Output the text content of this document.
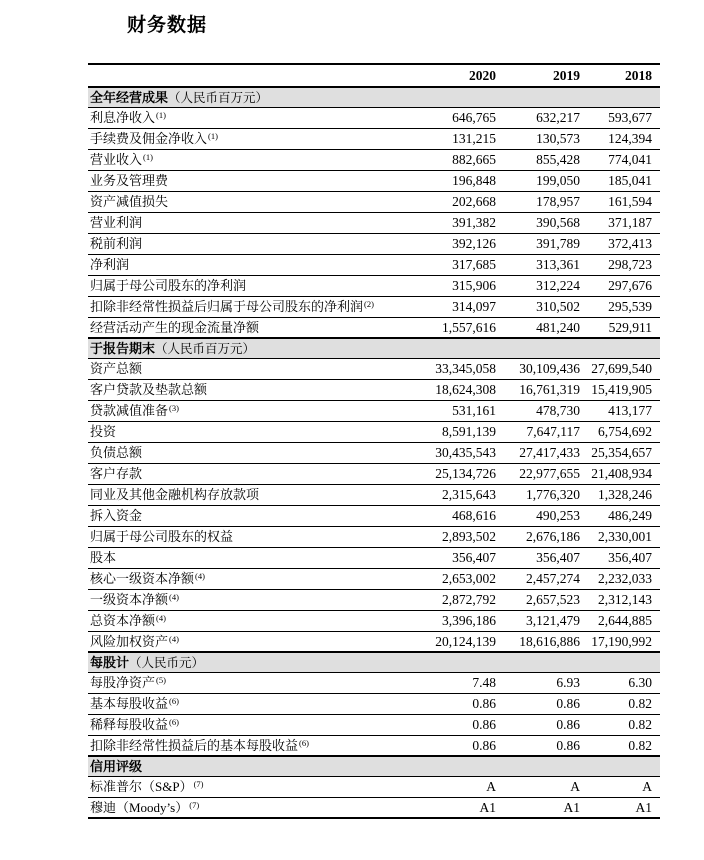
财务数据
	2020	2019	2018
全年经营成果（人民币百万元）			
利息净收入$^{(1)}$	646,765	632,217	593,677
手续费及佣金净收入$^{(1)}$	131,215	130,573	124,394
营业收入$^{(1)}$	882,665	855,428	774,041
业务及管理费	196,848	199,050	185,041
资产减值损失	202,668	178,957	161,594
营业利润	391,382	390,568	371,187
税前利润	392,126	391,789	372,413
净利润	317,685	313,361	298,723
归属于母公司股东的净利润	315,906	312,224	297,676
扣除非经常性损益后归属于母公司股东的净利润$^{(2)}$	314,097	310,502	295,539
经营活动产生的现金流量净额	1,557,616	481,240	529,911
于报告期末（人民币百万元）			
资产总额	33,345,058	30,109,436	27,699,540
客户贷款及垫款总额	18,624,308	16,761,319	15,419,905
贷款减值准备$^{(3)}$	531,161	478,730	413,177
投资	8,591,139	7,647,117	6,754,692
负债总额	30,435,543	27,417,433	25,354,657
客户存款	25,134,726	22,977,655	21,408,934
同业及其他金融机构存放款项	2,315,643	1,776,320	1,328,246
拆入资金	468,616	490,253	486,249
归属于母公司股东的权益	2,893,502	2,676,186	2,330,001
股本	356,407	356,407	356,407
核心一级资本净额$^{(4)}$	2,653,002	2,457,274	2,232,033
一级资本净额$^{(4)}$	2,872,792	2,657,523	2,312,143
总资本净额$^{(4)}$	3,396,186	3,121,479	2,644,885
风险加权资产$^{(4)}$	20,124,139	18,616,886	17,190,992
每股计（人民币元）			
每股净资产$^{(5)}$	7.48	6.93	6.30
基本每股收益$^{(6)}$	0.86	0.86	0.82
稀释每股收益$^{(6)}$	0.86	0.86	0.82
扣除非经常性损益后的基本每股收益$^{(6)}$	0.86	0.86	0.82
信用评级			
标准普尔（S&P）$^{(7)}$	A	A	A
穆迪（Moody’s）$^{(7)}$	A1	A1	A1
